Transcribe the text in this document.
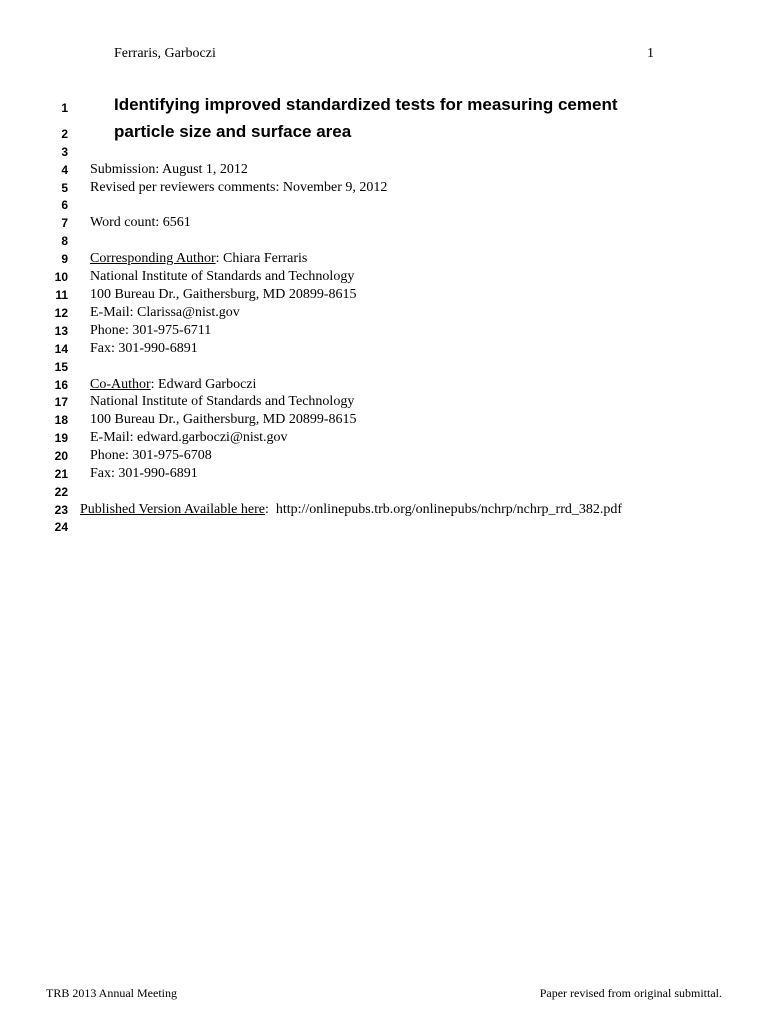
Ferraris, Garboczi	1
1
2
3
4
5
6
7
8
9
10
11
12
13
14
15
16
17
18
19
20
21
22
23
24
Identifying improved standardized tests for measuring cement
particle size and surface area
Submission: August 1, 2012
Revised per reviewers comments: November 9, 2012
Word count: 6561
Corresponding Author: Chiara Ferraris
National Institute of Standards and Technology
100 Bureau Dr., Gaithersburg, MD 20899-8615
E-Mail: Clarissa@nist.gov
Phone: 301-975-6711
Fax: 301-990-6891
Co-Author: Edward Garboczi
National Institute of Standards and Technology
100 Bureau Dr., Gaithersburg, MD 20899-8615
E-Mail: edward.garboczi@nist.gov
Phone: 301-975-6708
Fax: 301-990-6891
Published Version Available here: http://onlinepubs.trb.org/onlinepubs/nchrp/nchrp_rrd_382.pdf
TRB 2013 Annual Meeting	Paper revised from original submittal.
